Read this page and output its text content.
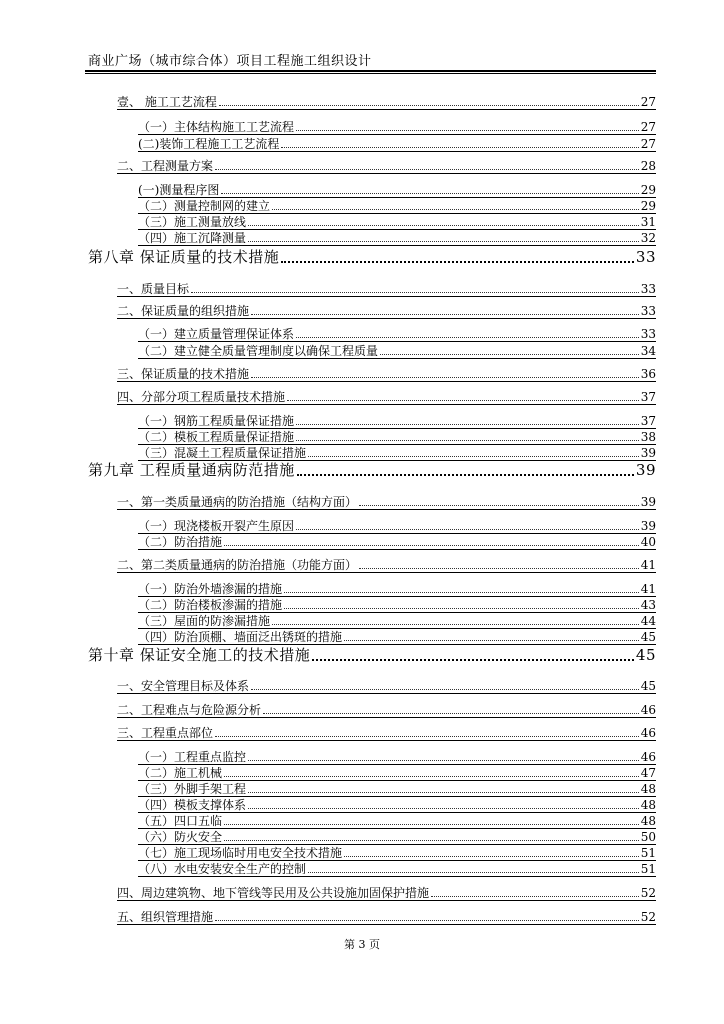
商业广场（城市综合体）项目工程施工组织设计
壹、 施工工艺流程	27
（一）主体结构施工工艺流程	27
(二)装饰工程施工工艺流程	27
二、工程测量方案	28
(一)测量程序图	29
（二）测量控制网的建立	29
（三）施工测量放线	31
（四）施工沉降测量	32
第八章 保证质量的技术措施	33
一、质量目标	33
二、保证质量的组织措施	33
（一）建立质量管理保证体系	33
（二）建立健全质量管理制度以确保工程质量	34
三、保证质量的技术措施	36
四、分部分项工程质量技术措施	37
（一）钢筋工程质量保证措施	37
（二）模板工程质量保证措施	38
（三）混凝土工程质量保证措施	39
第九章 工程质量通病防范措施	39
一、第一类质量通病的防治措施（结构方面）	39
（一）现浇楼板开裂产生原因	39
（二）防治措施	40
二、第二类质量通病的防治措施（功能方面）	41
（一）防治外墙渗漏的措施	41
（二）防治楼板渗漏的措施	43
（三）屋面的防渗漏措施	44
（四）防治顶棚、墙面泛出锈斑的措施	45
第十章 保证安全施工的技术措施	45
一、安全管理目标及体系	45
二、工程难点与危险源分析	46
三、工程重点部位	46
（一）工程重点监控	46
（二）施工机械	47
（三）外脚手架工程	48
（四）模板支撑体系	48
（五）四口五临	48
（六）防火安全	50
（七）施工现场临时用电安全技术措施	51
（八）水电安装安全生产的控制	51
四、周边建筑物、地下管线等民用及公共设施加固保护措施	52
五、组织管理措施	52
第 3 页
